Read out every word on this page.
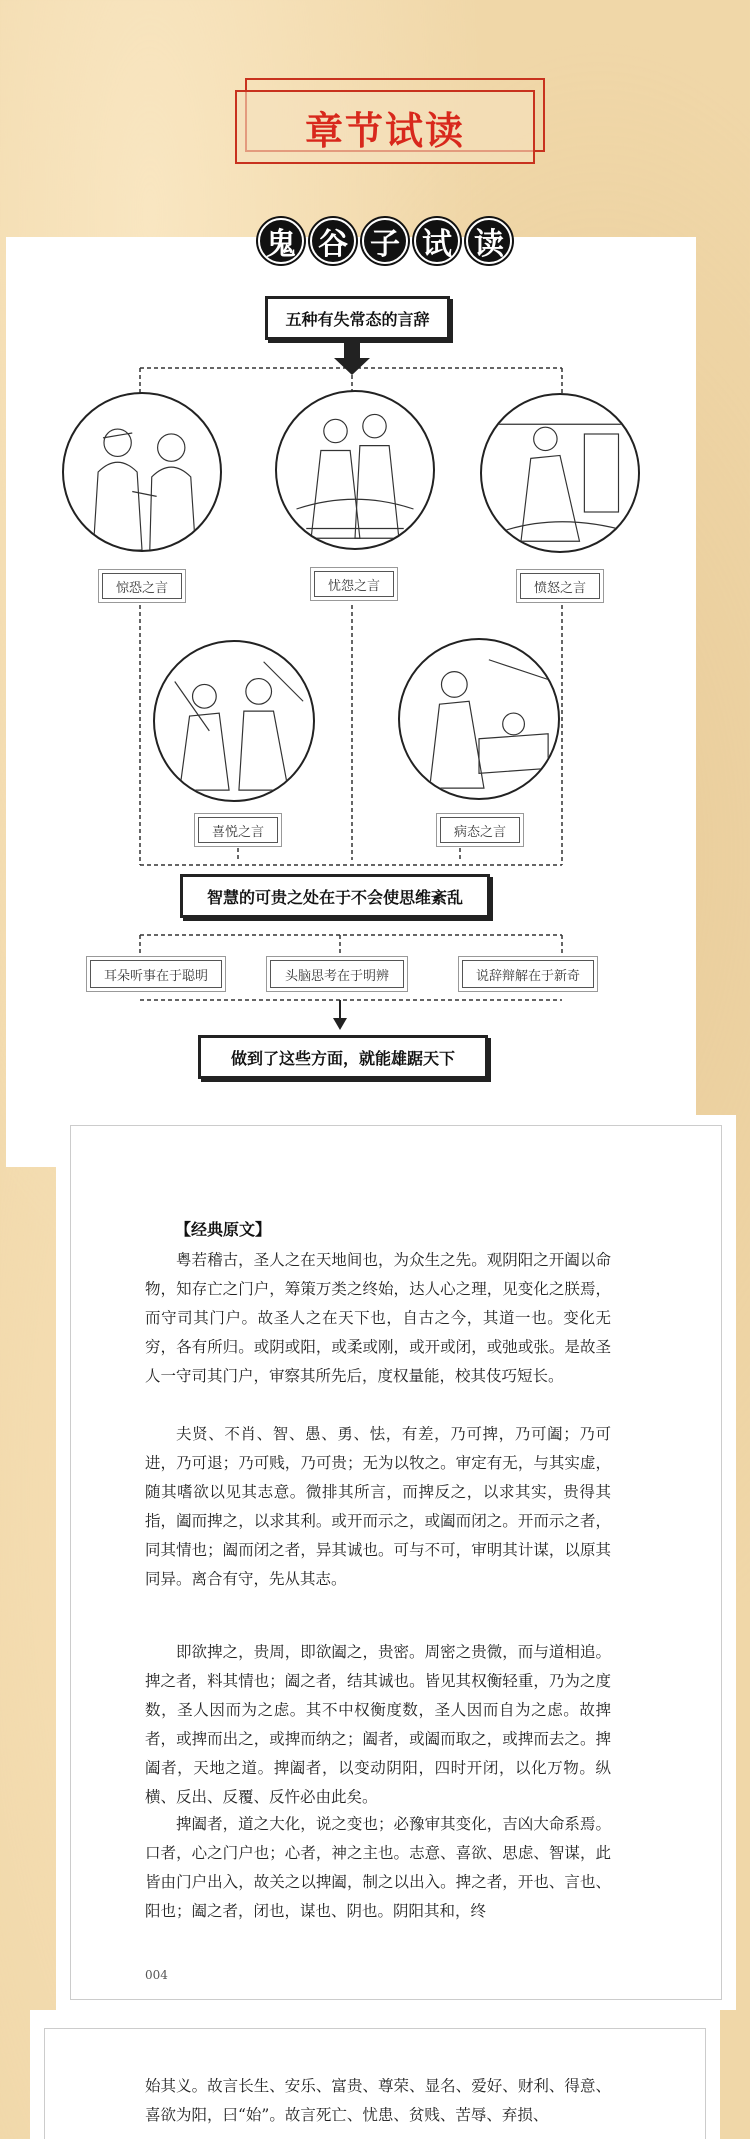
章节试读
鬼 谷 子 试 读
五种有失常态的言辞
惊恐之言	忧怨之言	愤怒之言
喜悦之言	病态之言
智慧的可贵之处在于不会使思维紊乱
耳朵听事在于聪明	头脑思考在于明辨	说辞辩解在于新奇
做到了这些方面，就能雄踞天下
【经典原文】
粤若稽古，圣人之在天地间也，为众生之先。观阴阳之开阖以命物，知存亡之门户，筹策万类之终始，达人心之理，见变化之朕焉，而守司其门户。故圣人之在天下也，自古之今，其道一也。变化无穷，各有所归。或阴或阳，或柔或刚，或开或闭，或弛或张。是故圣人一守司其门户，审察其所先后，度权量能，校其伎巧短长。
夫贤、不肖、智、愚、勇、怯，有差，乃可捭，乃可阖；乃可进，乃可退；乃可贱，乃可贵；无为以牧之。审定有无，与其实虚，随其嗜欲以见其志意。微排其所言，而捭反之，以求其实，贵得其指，阖而捭之，以求其利。或开而示之，或阖而闭之。开而示之者，同其情也；阖而闭之者，异其诚也。可与不可，审明其计谋，以原其同异。离合有守，先从其志。
即欲捭之，贵周，即欲阖之，贵密。周密之贵微，而与道相追。捭之者，料其情也；阖之者，结其诚也。皆见其权衡轻重，乃为之度数，圣人因而为之虑。其不中权衡度数，圣人因而自为之虑。故捭者，或捭而出之，或捭而纳之；阖者，或阖而取之，或捭而去之。捭阖者，天地之道。捭阖者，以变动阴阳，四时开闭，以化万物。纵横、反出、反覆、反忤必由此矣。
捭阖者，道之大化，说之变也；必豫审其变化，吉凶大命系焉。口者，心之门户也；心者，神之主也。志意、喜欲、思虑、智谋，此皆由门户出入，故关之以捭阖，制之以出入。捭之者，开也、言也、阳也；阖之者，闭也，谋也、阴也。阴阳其和，终
004
始其义。故言长生、安乐、富贵、尊荣、显名、爱好、财利、得意、喜欲为阳，曰“始”。故言死亡、忧患、贫贱、苦辱、弃损、
